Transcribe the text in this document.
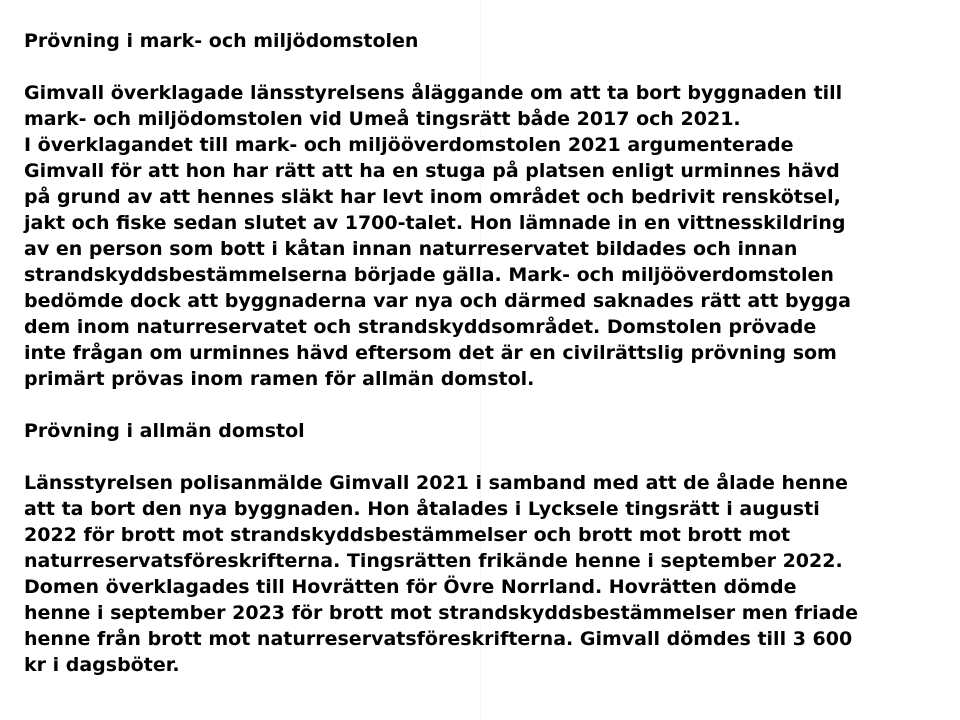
Prövning i mark- och miljödomstolen

Gimvall överklagade länsstyrelsens åläggande om att ta bort byggnaden till
mark- och miljödomstolen vid Umeå tingsrätt både 2017 och 2021.
I överklagandet till mark- och miljööverdomstolen 2021 argumenterade
Gimvall för att hon har rätt att ha en stuga på platsen enligt urminnes hävd
på grund av att hennes släkt har levt inom området och bedrivit renskötsel,
jakt och fiske sedan slutet av 1700-talet. Hon lämnade in en vittnesskildring
av en person som bott i kåtan innan naturreservatet bildades och innan
strandskyddsbestämmelserna började gälla. Mark- och miljööverdomstolen
bedömde dock att byggnaderna var nya och därmed saknades rätt att bygga
dem inom naturreservatet och strandskyddsområdet. Domstolen prövade
inte frågan om urminnes hävd eftersom det är en civilrättslig prövning som
primärt prövas inom ramen för allmän domstol.

Prövning i allmän domstol

Länsstyrelsen polisanmälde Gimvall 2021 i samband med att de ålade henne
att ta bort den nya byggnaden. Hon åtalades i Lycksele tingsrätt i augusti
2022 för brott mot strandskyddsbestämmelser och brott mot brott mot
naturreservatsföreskrifterna. Tingsrätten frikände henne i september 2022.
Domen överklagades till Hovrätten för Övre Norrland. Hovrätten dömde
henne i september 2023 för brott mot strandskyddsbestämmelser men friade
henne från brott mot naturreservatsföreskrifterna. Gimvall dömdes till 3 600
kr i dagsböter.
